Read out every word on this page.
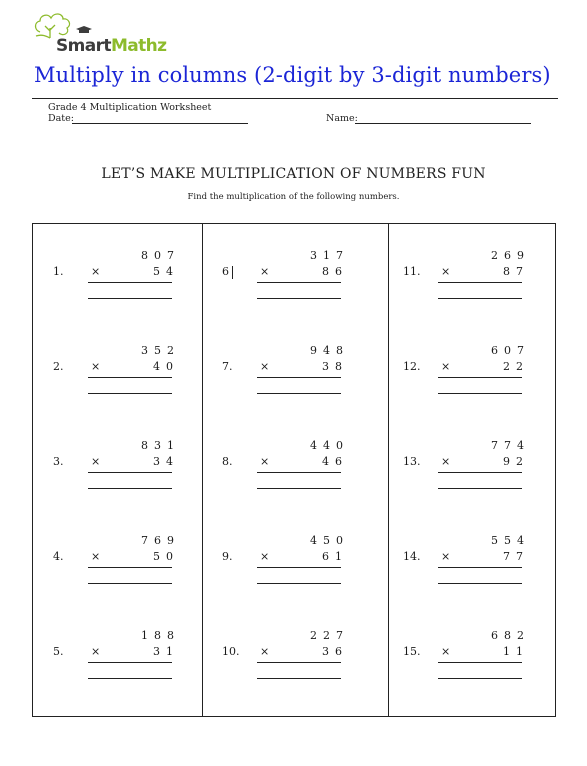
SmartMathz
Multiply in columns (2-digit by 3-digit numbers)
Grade 4 Multiplication Worksheet
Date:	Name:
LET’S MAKE MULTIPLICATION OF NUMBERS FUN
Find the multiplication of the following numbers.
1.
807
×	54
2.
352
×	40
3.
831
×	34
4.
769
×	50
5.
188
×	31
6
317
×	86
7.
948
×	38
8.
440
×	46
9.
450
×	61
10.
227
×	36
11.
269
×	87
12.
607
×	22
13.
774
×	92
14.
554
×	77
15.
682
×	11
